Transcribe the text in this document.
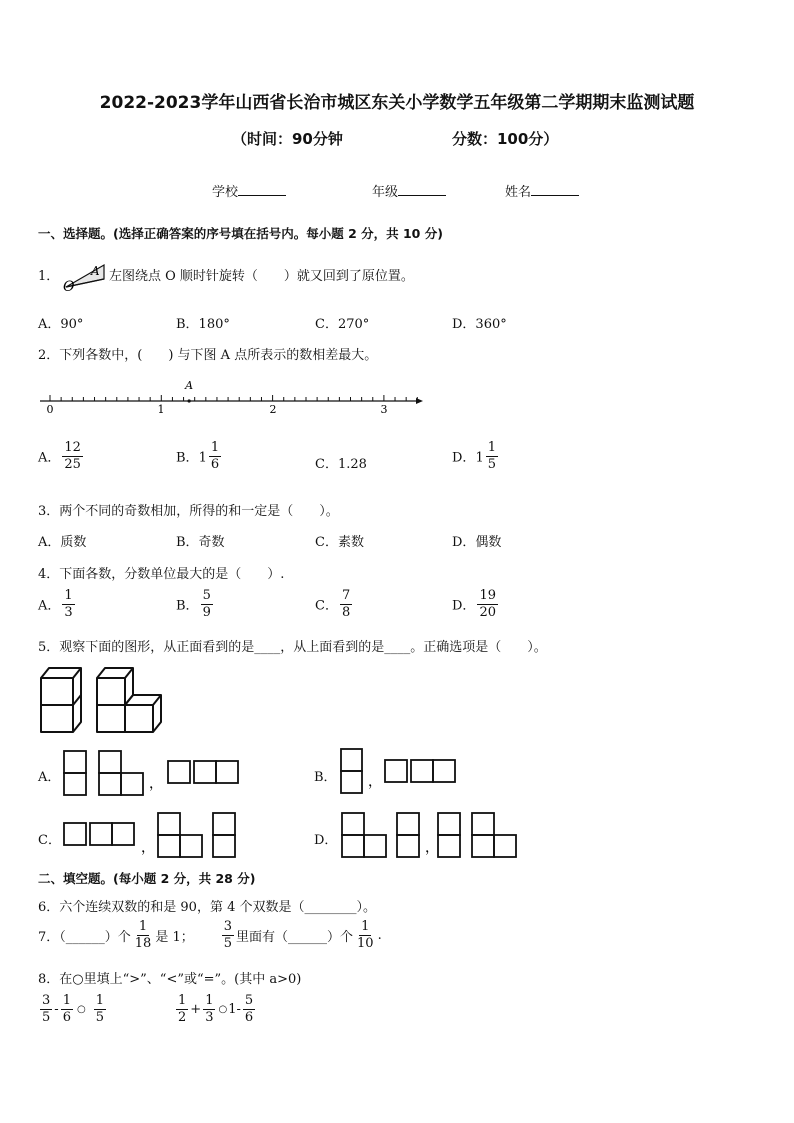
2022-2023学年山西省长治市城区东关小学数学五年级第二学期期末监测试题
（时间：90分钟	分数：100分）
学校	年级	姓名
一、选择题。(选择正确答案的序号填在括号内。每小题 2 分，共 10 分)
1．
O
A 左图绕点 O 顺时针旋转（　　）就又回到了原位置。
A．90°	B．180°	C．270°	D．360°
2．下列各数中，(　　) 与下图 A 点所表示的数相差最大。
0	1	2	3
A
A． $\frac{12}{25}$	B．$1 \frac{1}{6}$	C．1.28	D．$1 \frac{1}{5}$
3．两个不同的奇数相加，所得的和一定是（　　）。
A．质数	B．奇数	C．素数	D．偶数
4．下面各数，分数单位最大的是（　　）.
A． $\frac{1}{3}$	B． $\frac{5}{9}$	C． $\frac{7}{8}$	D． $\frac{19}{20}$
5．观察下面的图形，从正面看到的是____，从上面看到的是____。正确选项是（　　）。
A．	，	B． ，
C．	，	D．	，
二、填空题。(每小题 2 分，共 28 分)
6．六个连续双数的和是 90，第 4 个双数是（________）。
7．（______）个 $\frac{1}{18}$ 是 1； $\frac{3}{5}$ 里面有（______）个 $\frac{1}{10}$ .
8．在○里填上“>”、“<”或“=”。(其中 a>0)
$\frac{3}{5} - \frac{1}{6}$ ○ $\frac{1}{5}$	$\frac{1}{2} + \frac{1}{3}$ ○ $1- \frac{5}{6}$
